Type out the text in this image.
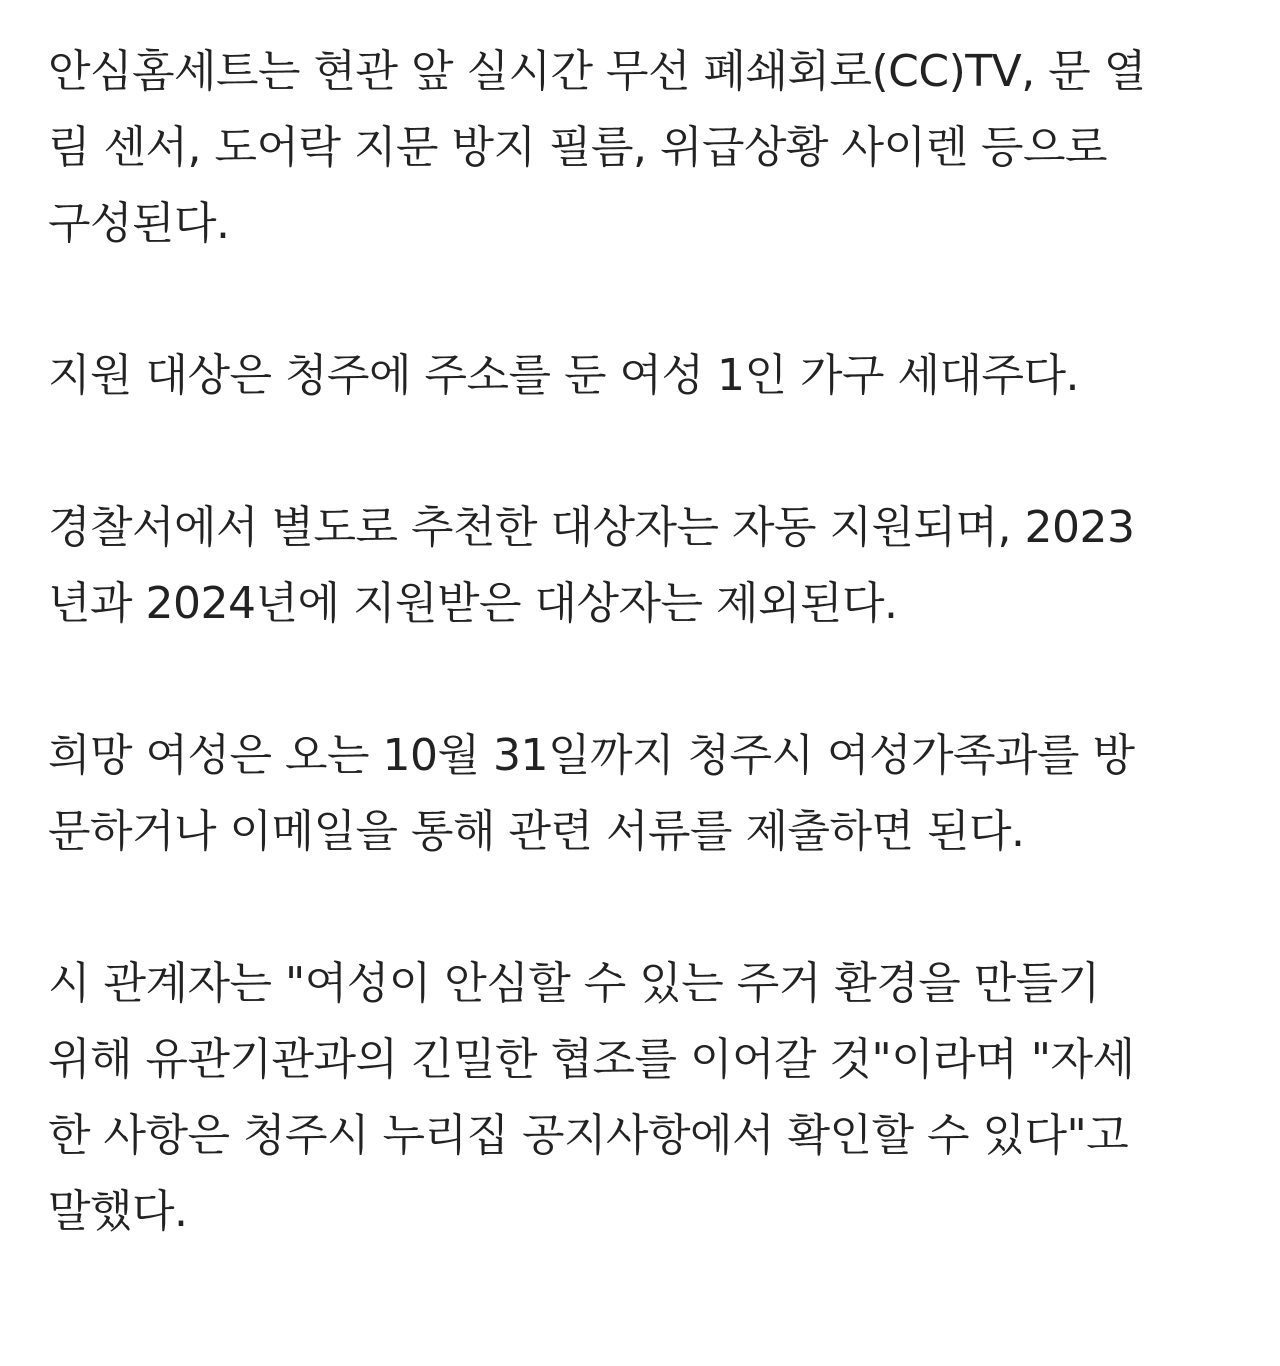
안심홈세트는 현관 앞 실시간 무선 폐쇄회로(CC)TV, 문 열
림 센서, 도어락 지문 방지 필름, 위급상황 사이렌 등으로
구성된다.

지원 대상은 청주에 주소를 둔 여성 1인 가구 세대주다.

경찰서에서 별도로 추천한 대상자는 자동 지원되며, 2023
년과 2024년에 지원받은 대상자는 제외된다.

희망 여성은 오는 10월 31일까지 청주시 여성가족과를 방
문하거나 이메일을 통해 관련 서류를 제출하면 된다.

시 관계자는 "여성이 안심할 수 있는 주거 환경을 만들기
위해 유관기관과의 긴밀한 협조를 이어갈 것"이라며 "자세
한 사항은 청주시 누리집 공지사항에서 확인할 수 있다"고
말했다.
